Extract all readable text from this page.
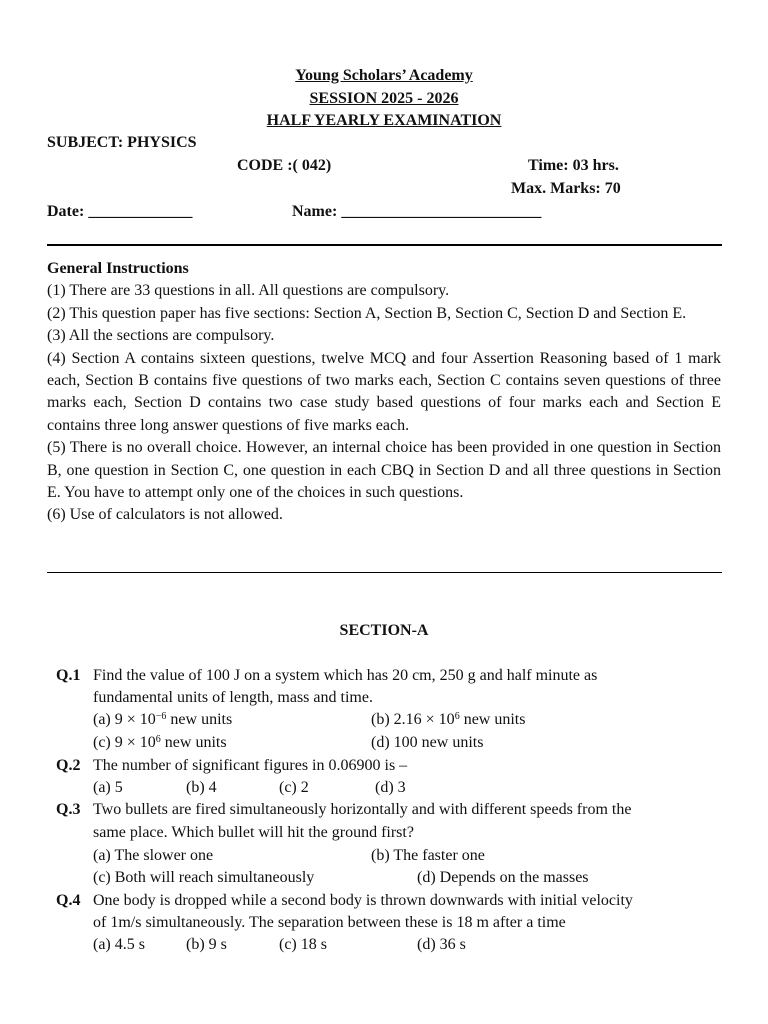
Young Scholars’ Academy
SESSION 2025 - 2026
HALF YEARLY EXAMINATION
SUBJECT: PHYSICS
CODE :( 042)	Time: 03 hrs.
Max. Marks: 70
Date: _____________	Name: _________________________

General Instructions

(1) There are 33 questions in all. All questions are compulsory.

(2) This question paper has five sections: Section A, Section B, Section C, Section D and Section E.

(3) All the sections are compulsory.

(4) Section A contains sixteen questions, twelve MCQ and four Assertion Reasoning based of 1 mark each, Section B contains five questions of two marks each, Section C contains seven questions of three marks each, Section D contains two case study based questions of four marks each and Section E contains three long answer questions of five marks each.

(5) There is no overall choice. However, an internal choice has been provided in one question in Section B, one question in Section C, one question in each CBQ in Section D and all three questions in Section E. You have to attempt only one of the choices in such questions.

(6) Use of calculators is not allowed.

SECTION-A
Q.1 Find the value of 100 J on a system which has 20 cm, 250 g and half minute as
fundamental units of length, mass and time.
(a) $9 \times 10^{-6}$ new units	(b) $2.16 \times 10^6$ new units
(c) $9 \times 10^6$ new units	(d) 100 new units
Q.2 The number of significant figures in 0.06900 is –
(a) 5	(b) 4	(c) 2	(d) 3
Q.3 Two bullets are fired simultaneously horizontally and with different speeds from the
same place. Which bullet will hit the ground first?
(a) The slower one	(b) The faster one
(c) Both will reach simultaneously	(d) Depends on the masses
Q.4 One body is dropped while a second body is thrown downwards with initial velocity
of 1m/s simultaneously. The separation between these is 18 m after a time
(a) 4.5 s	(b) 9 s	(c) 18 s	(d) 36 s
